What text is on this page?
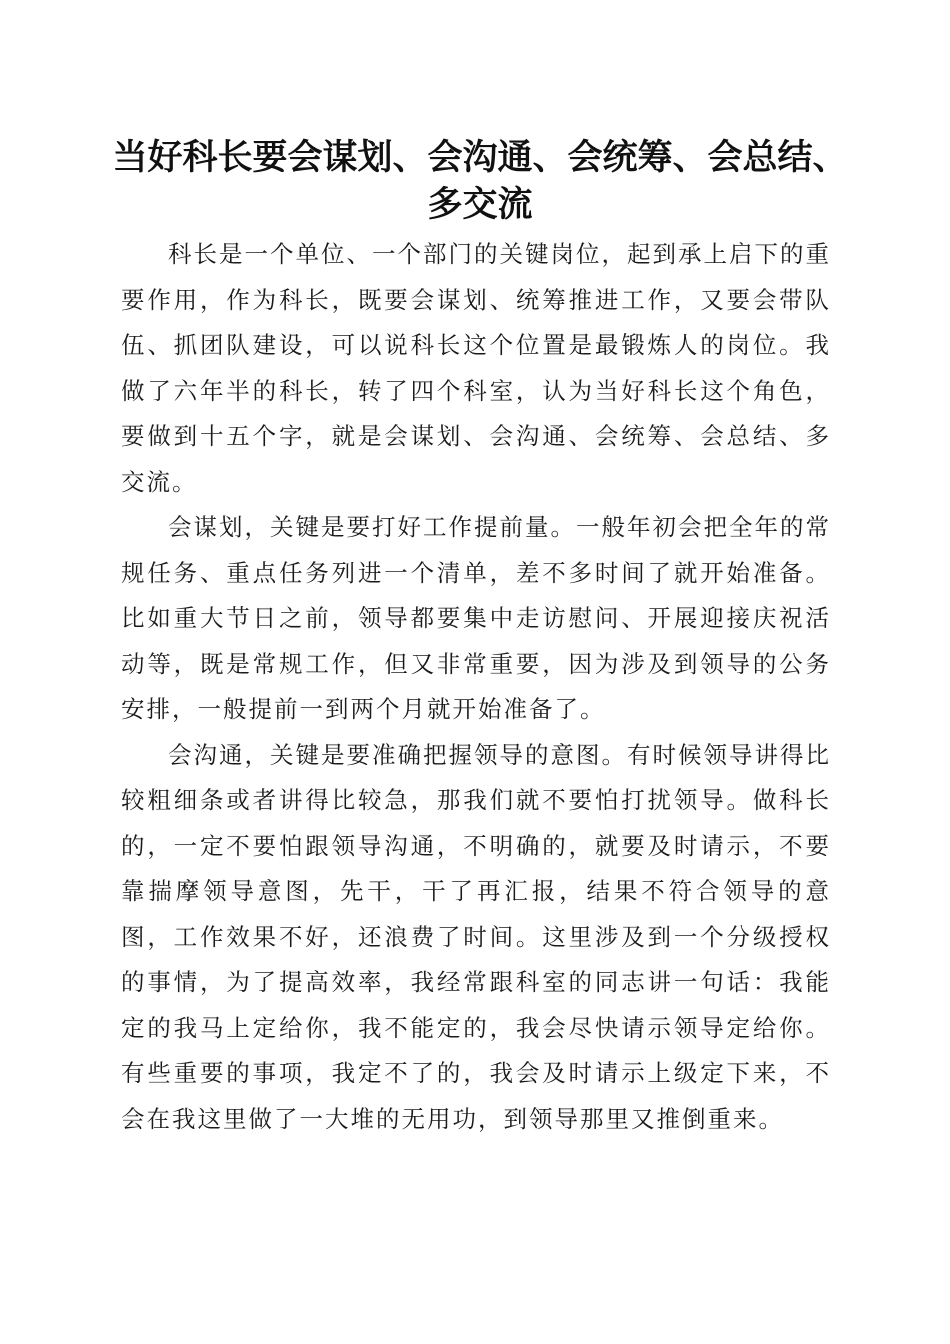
当好科长要会谋划、会沟通、会统筹、会总结、多交流

科长是一个单位、一个部门的关键岗位，起到承上启下的重要作用，作为科长，既要会谋划、统筹推进工作，又要会带队伍、抓团队建设，可以说科长这个位置是最锻炼人的岗位。我做了六年半的科长，转了四个科室，认为当好科长这个角色，要做到十五个字，就是会谋划、会沟通、会统筹、会总结、多交流。

会谋划，关键是要打好工作提前量。一般年初会把全年的常规任务、重点任务列进一个清单，差不多时间了就开始准备。比如重大节日之前，领导都要集中走访慰问、开展迎接庆祝活动等，既是常规工作，但又非常重要，因为涉及到领导的公务安排，一般提前一到两个月就开始准备了。

会沟通，关键是要准确把握领导的意图。有时候领导讲得比较粗细条或者讲得比较急，那我们就不要怕打扰领导。做科长的，一定不要怕跟领导沟通，不明确的，就要及时请示，不要靠揣摩领导意图，先干，干了再汇报，结果不符合领导的意图，工作效果不好，还浪费了时间。这里涉及到一个分级授权的事情，为了提高效率，我经常跟科室的同志讲一句话：我能定的我马上定给你，我不能定的，我会尽快请示领导定给你。有些重要的事项，我定不了的，我会及时请示上级定下来，不会在我这里做了一大堆的无用功，到领导那里又推倒重来。
